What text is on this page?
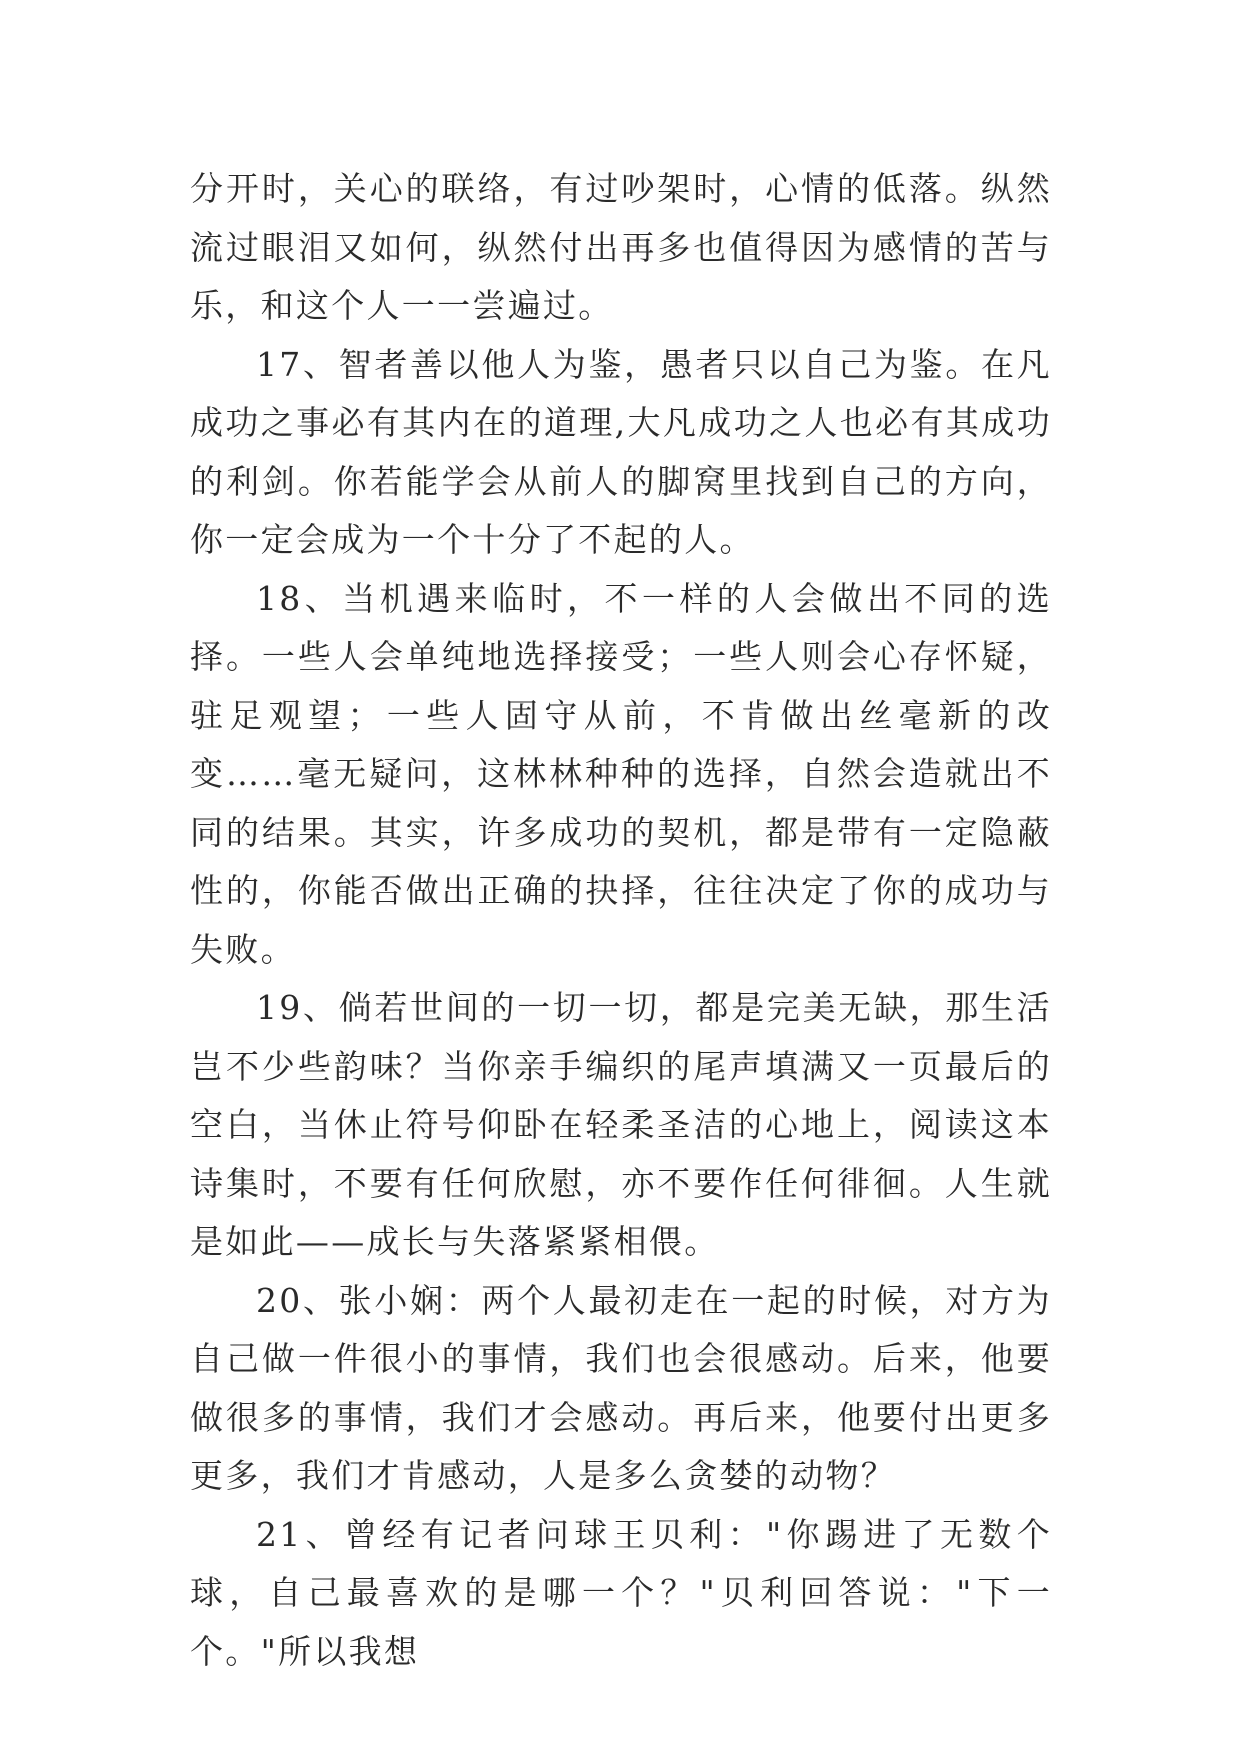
分开时，关心的联络，有过吵架时，心情的低落。纵然流过眼泪又如何，纵然付出再多也值得因为感情的苦与乐，和这个人一一尝遍过。

17、智者善以他人为鉴，愚者只以自己为鉴。在凡成功之事必有其内在的道理,大凡成功之人也必有其成功的利剑。你若能学会从前人的脚窝里找到自己的方向，你一定会成为一个十分了不起的人。

18、当机遇来临时，不一样的人会做出不同的选择。一些人会单纯地选择接受；一些人则会心存怀疑，驻足观望；一些人固守从前，不肯做出丝毫新的改变……毫无疑问，这林林种种的选择，自然会造就出不同的结果。其实，许多成功的契机，都是带有一定隐蔽性的，你能否做出正确的抉择，往往决定了你的成功与失败。

19、倘若世间的一切一切，都是完美无缺，那生活岂不少些韵味？当你亲手编织的尾声填满又一页最后的空白，当休止符号仰卧在轻柔圣洁的心地上，阅读这本诗集时，不要有任何欣慰，亦不要作任何徘徊。人生就是如此——成长与失落紧紧相偎。

20、张小娴：两个人最初走在一起的时候，对方为自己做一件很小的事情，我们也会很感动。后来，他要做很多的事情，我们才会感动。再后来，他要付出更多更多，我们才肯感动，人是多么贪婪的动物？

21、曾经有记者问球王贝利："你踢进了无数个球，自己最喜欢的是哪一个？"贝利回答说："下一个。"所以我想
